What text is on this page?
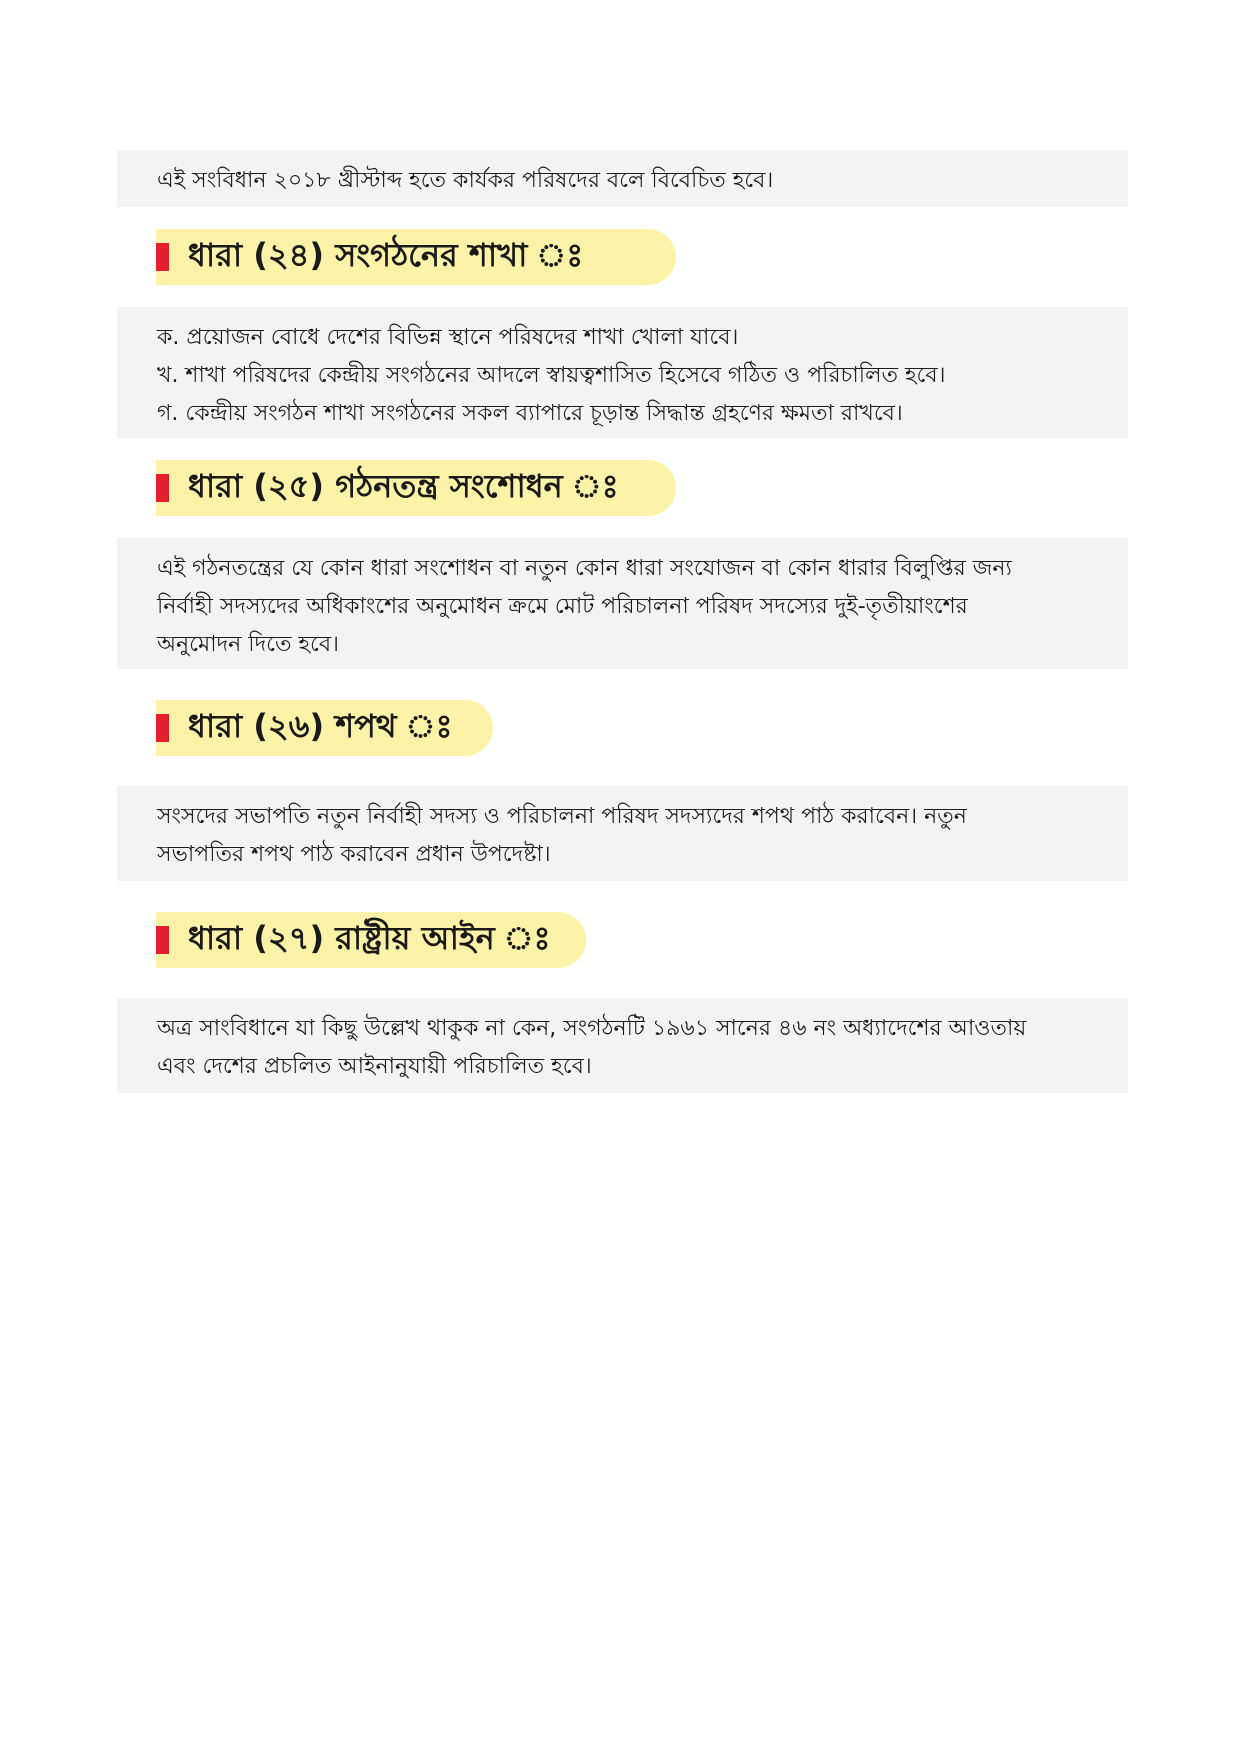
এই সংবিধান ২০১৮ খ্রীস্টাব্দ হতে কার্যকর পরিষদের বলে বিবেচিত হবে।

ধারা (২৪) সংগঠনের শাখা ঃ

ক. প্রয়োজন বোধে দেশের বিভিন্ন স্থানে পরিষদের শাখা খোলা যাবে।

খ. শাখা পরিষদের কেন্দ্রীয় সংগঠনের আদলে স্বায়ত্বশাসিত হিসেবে গঠিত ও পরিচালিত হবে।

গ. কেন্দ্রীয় সংগঠন শাখা সংগঠনের সকল ব্যাপারে চূড়ান্ত সিদ্ধান্ত গ্রহণের ক্ষমতা রাখবে।

ধারা (২৫) গঠনতন্ত্র সংশোধন ঃ

এই গঠনতন্ত্রের যে কোন ধারা সংশোধন বা নতুন কোন ধারা সংযোজন বা কোন ধারার বিলুপ্তির জন্য

নির্বাহী সদস্যদের অধিকাংশের অনুমোধন ক্রমে মোট পরিচালনা পরিষদ সদস্যের দুই-তৃতীয়াংশের

অনুমোদন দিতে হবে।

ধারা (২৬) শপথ ঃ

সংসদের সভাপতি নতুন নির্বাহী সদস্য ও পরিচালনা পরিষদ সদস্যদের শপথ পাঠ করাবেন। নতুন

সভাপতির শপথ পাঠ করাবেন প্রধান উপদেষ্টা।

ধারা (২৭) রাষ্ট্রীয় আইন ঃ

অত্র সাংবিধানে যা কিছু উল্লেখ থাকুক না কেন, সংগঠনটি ১৯৬১ সানের ৪৬ নং অধ্যাদেশের আওতায়

এবং দেশের প্রচলিত আইনানুযায়ী পরিচালিত হবে।
